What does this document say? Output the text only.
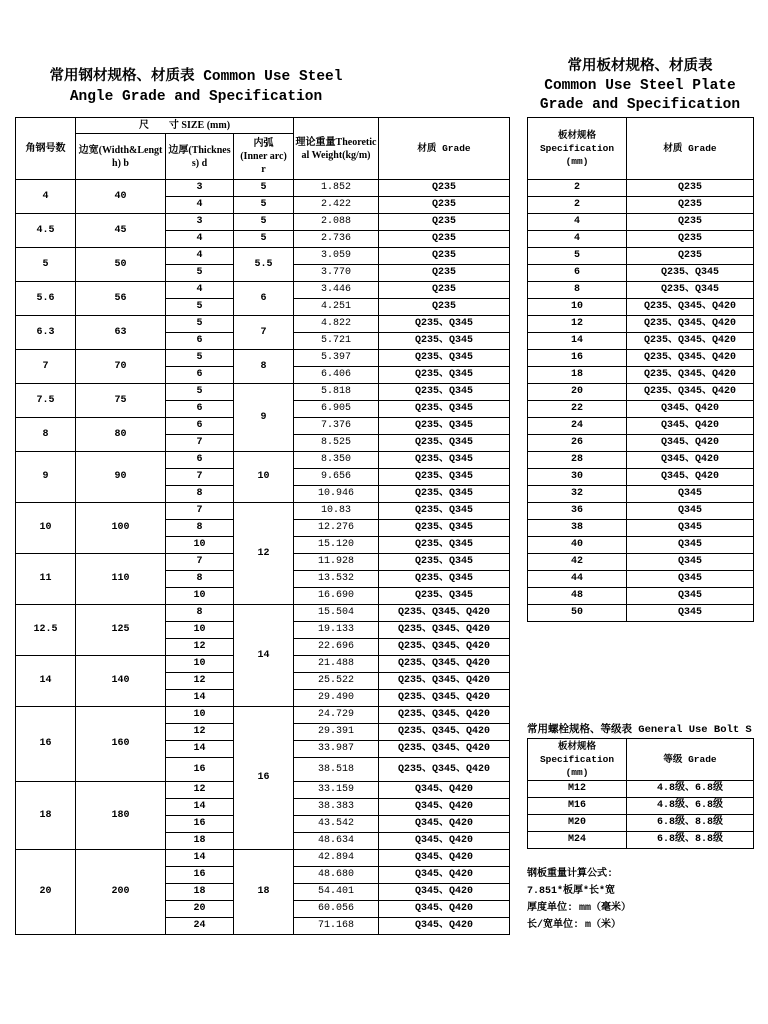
常用钢材规格、材质表 Common Use Steel
Angle Grade and Specification
常用板材规格、材质表
Common Use Steel Plate
Grade and Specification
角钢号数	尺　　寸 SIZE (mm)			理论重量Theoretical Weight(kg/m)	材质 Grade
	边宽(Width&Length) b	边厚(Thickness) d	内弧
(Inner arc)
r		

4	40	3	5	1.852	Q235
		4	5	2.422	Q235
4.5	45	3	5	2.088	Q235
		4	5	2.736	Q235
5	50	4	5.5	3.059	Q235
		5		3.770	Q235
5.6	56	4	6	3.446	Q235
		5		4.251	Q235
6.3	63	5	7	4.822	Q235、Q345
		6		5.721	Q235、Q345
7	70	5	8	5.397	Q235、Q345
		6		6.406	Q235、Q345
7.5	75	5	9	5.818	Q235、Q345
		6		6.905	Q235、Q345
8	80	6		7.376	Q235、Q345
		7		8.525	Q235、Q345
9	90	6	10	8.350	Q235、Q345
		7		9.656	Q235、Q345
		8		10.946	Q235、Q345
10	100	7	12	10.83	Q235、Q345
		8		12.276	Q235、Q345
		10		15.120	Q235、Q345
11	110	7		11.928	Q235、Q345
		8		13.532	Q235、Q345
		10		16.690	Q235、Q345
12.5	125	8	14	15.504	Q235、Q345、Q420
		10		19.133	Q235、Q345、Q420
		12		22.696	Q235、Q345、Q420
14	140	10		21.488	Q235、Q345、Q420
		12		25.522	Q235、Q345、Q420
		14		29.490	Q235、Q345、Q420
16	160	10	16	24.729	Q235、Q345、Q420
		12		29.391	Q235、Q345、Q420
		14		33.987	Q235、Q345、Q420
		16		38.518	Q235、Q345、Q420
18	180	12		33.159	Q345、Q420
		14		38.383	Q345、Q420
		16		43.542	Q345、Q420
		18		48.634	Q345、Q420
20	200	14	18	42.894	Q345、Q420
		16		48.680	Q345、Q420
		18		54.401	Q345、Q420
		20		60.056	Q345、Q420
		24		71.168	Q345、Q420
板材规格
Specification
(mm)	材质 Grade
2	Q235
2	Q235
4	Q235
4	Q235
5	Q235
6	Q235、Q345
8	Q235、Q345
10	Q235、Q345、Q420
12	Q235、Q345、Q420
14	Q235、Q345、Q420
16	Q235、Q345、Q420
18	Q235、Q345、Q420
20	Q235、Q345、Q420
22	Q345、Q420
24	Q345、Q420
26	Q345、Q420
28	Q345、Q420
30	Q345、Q420
32	Q345
36	Q345
38	Q345
40	Q345
42	Q345
44	Q345
48	Q345
50	Q345
常用螺栓规格、等级表 General Use Bolt S
板材规格
Specification
(mm)	等级 Grade
M12	4.8级、6.8级
M16	4.8级、6.8级
M20	6.8级、8.8级
M24	6.8级、8.8级
钢板重量计算公式:
7.851*板厚*长*宽
厚度单位: mm（毫米）
长/宽单位: m（米）
